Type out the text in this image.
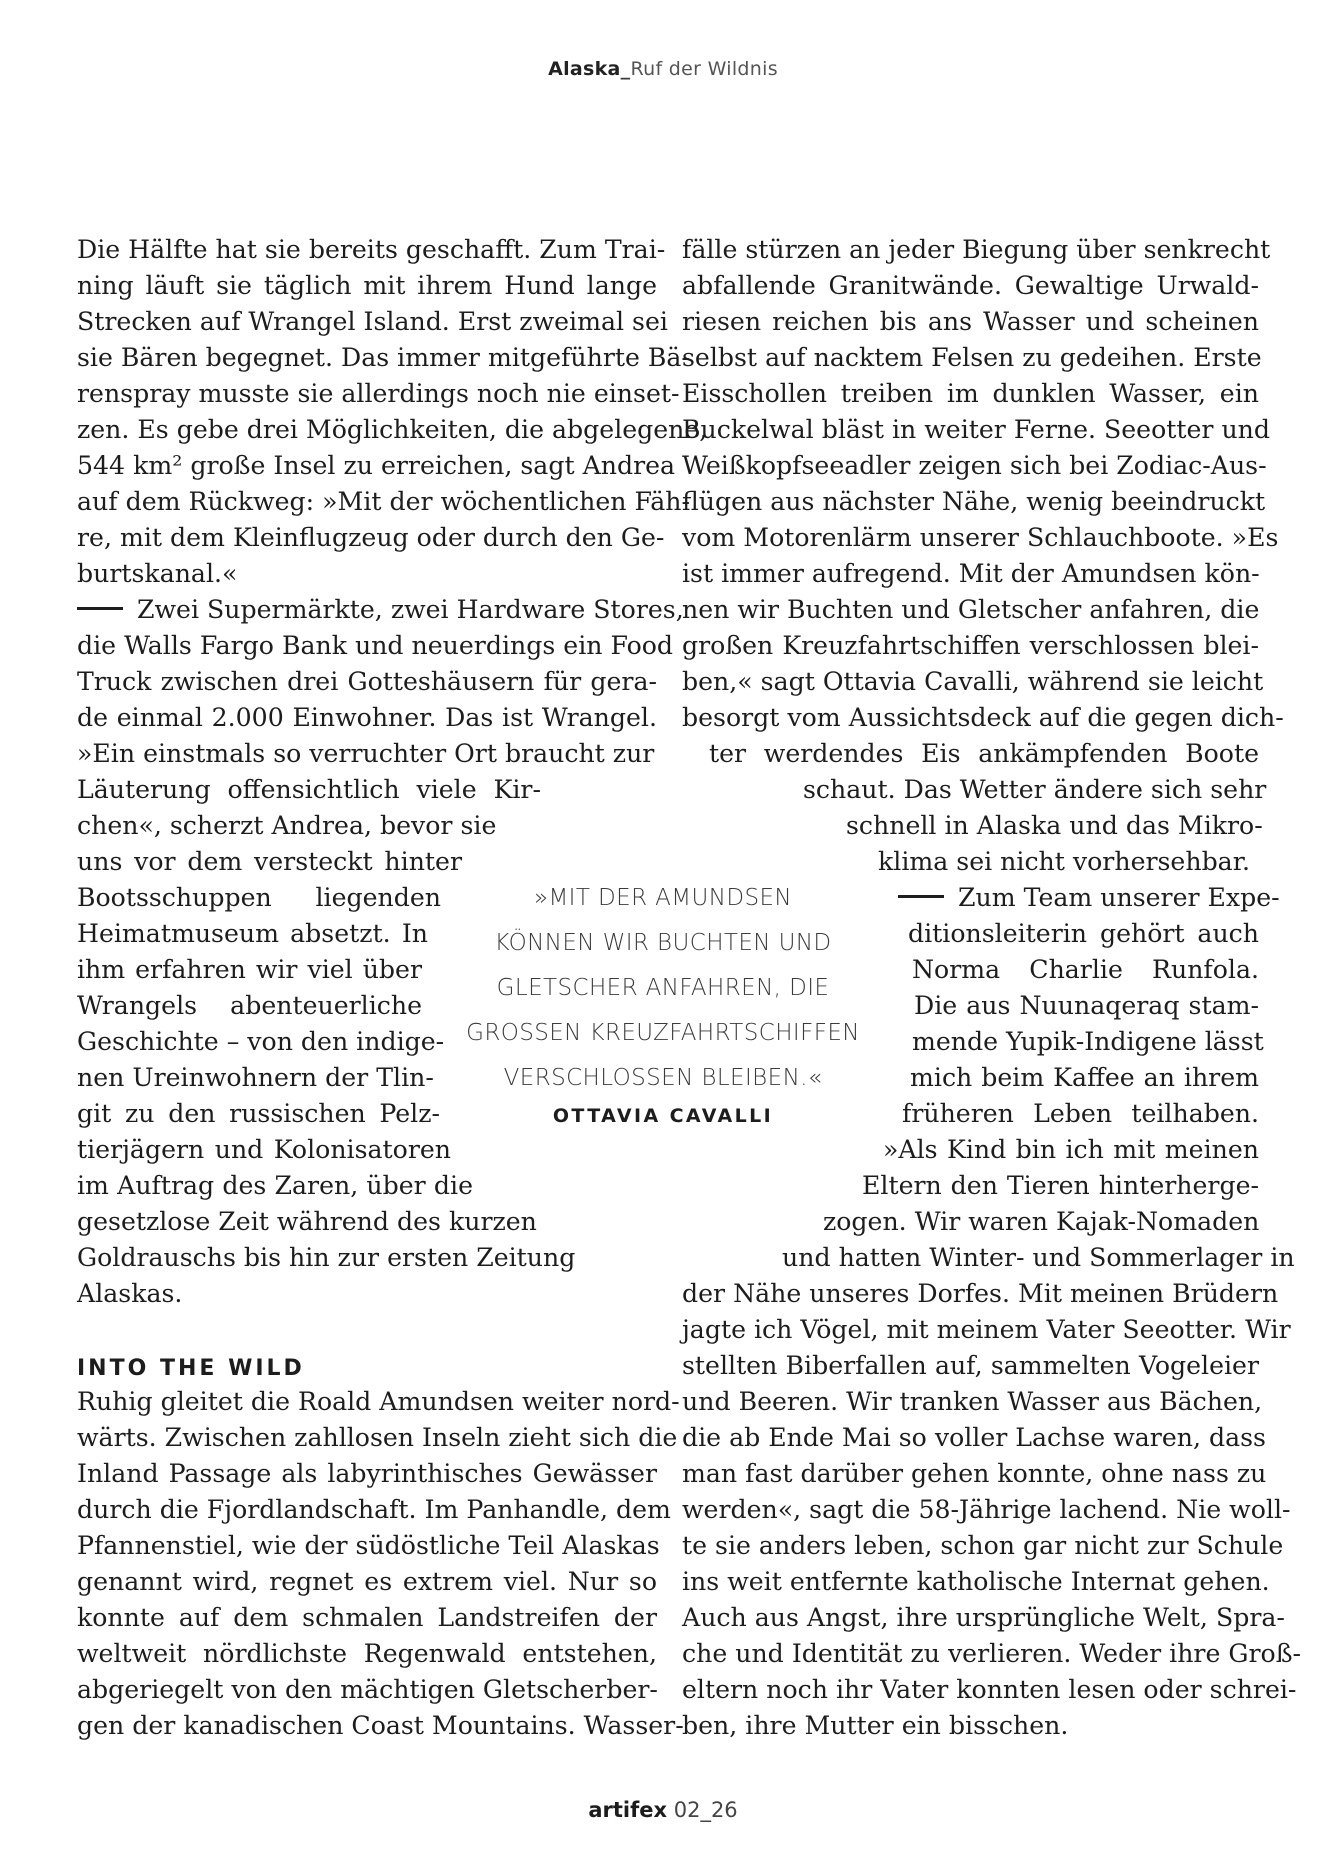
Alaska_Ruf der Wildnis
Die Hälfte hat sie bereits geschafft. Zum Trai-
ning läuft sie täglich mit ihrem Hund lange
Strecken auf Wrangel Island. Erst zweimal sei
sie Bären begegnet. Das immer mitgeführte Bä-
renspray musste sie allerdings noch nie einset-
zen. Es gebe drei Möglichkeiten, die abgelegene,
544 km² große Insel zu erreichen, sagt Andrea
auf dem Rückweg: »Mit der wöchentlichen Fäh-
re, mit dem Kleinflugzeug oder durch den Ge-
burtskanal.«
Zwei Supermärkte, zwei Hardware Stores,
die Walls Fargo Bank und neuerdings ein Food
Truck zwischen drei Gotteshäusern für gera-
de einmal 2.000 Einwohner. Das ist Wrangel.
»Ein einstmals so verruchter Ort braucht zur
Läuterung offensichtlich viele Kir-
chen«, scherzt Andrea, bevor sie
uns vor dem versteckt hinter
Bootsschuppen liegenden
Heimatmuseum absetzt. In
ihm erfahren wir viel über
Wrangels abenteuerliche
Geschichte – von den indige-
nen Ureinwohnern der Tlin-
git zu den russischen Pelz-
tierjägern und Kolonisatoren
im Auftrag des Zaren, über die
gesetzlose Zeit während des kurzen
Goldrauschs bis hin zur ersten Zeitung
Alaskas.
INTO THE WILD
Ruhig gleitet die Roald Amundsen weiter nord-
wärts. Zwischen zahllosen Inseln zieht sich die
Inland Passage als labyrinthisches Gewässer
durch die Fjordlandschaft. Im Panhandle, dem
Pfannenstiel, wie der südöstliche Teil Alaskas
genannt wird, regnet es extrem viel. Nur so
konnte auf dem schmalen Landstreifen der
weltweit nördlichste Regenwald entstehen,
abgeriegelt von den mächtigen Gletscherber-
gen der kanadischen Coast Mountains. Wasser-
fälle stürzen an jeder Biegung über senkrecht
abfallende Granitwände. Gewaltige Urwald-
riesen reichen bis ans Wasser und scheinen
selbst auf nacktem Felsen zu gedeihen. Erste
Eisschollen treiben im dunklen Wasser, ein
Buckelwal bläst in weiter Ferne. Seeotter und
Weißkopfseeadler zeigen sich bei Zodiac-Aus-
flügen aus nächster Nähe, wenig beeindruckt
vom Motorenlärm unserer Schlauchboote. »Es
ist immer aufregend. Mit der Amundsen kön-
nen wir Buchten und Gletscher anfahren, die
großen Kreuzfahrtschiffen verschlossen blei-
ben,« sagt Ottavia Cavalli, während sie leicht
besorgt vom Aussichtsdeck auf die gegen dich-
ter werdendes Eis ankämpfenden Boote
schaut. Das Wetter ändere sich sehr
schnell in Alaska und das Mikro-
klima sei nicht vorhersehbar.
Zum Team unserer Expe-
ditionsleiterin gehört auch
Norma Charlie Runfola.
Die aus Nuunaqeraq stam-
mende Yupik-Indigene lässt
mich beim Kaffee an ihrem
früheren Leben teilhaben.
»Als Kind bin ich mit meinen
Eltern den Tieren hinterherge-
zogen. Wir waren Kajak-Nomaden
und hatten Winter- und Sommerlager in
der Nähe unseres Dorfes. Mit meinen Brüdern
jagte ich Vögel, mit meinem Vater Seeotter. Wir
stellten Biberfallen auf, sammelten Vogeleier
und Beeren. Wir tranken Wasser aus Bächen,
die ab Ende Mai so voller Lachse waren, dass
man fast darüber gehen konnte, ohne nass zu
werden«, sagt die 58-Jährige lachend. Nie woll-
te sie anders leben, schon gar nicht zur Schule
ins weit entfernte katholische Internat gehen.
Auch aus Angst, ihre ursprüngliche Welt, Spra-
che und Identität zu verlieren. Weder ihre Groß-
eltern noch ihr Vater konnten lesen oder schrei-
ben, ihre Mutter ein bisschen.
»MIT DER AMUNDSEN
KÖNNEN WIR BUCHTEN UND
GLETSCHER ANFAHREN, DIE
GROSSEN KREUZFAHRTSCHIFFEN
VERSCHLOSSEN BLEIBEN.«
OTTAVIA CAVALLI
artifex 02_26
